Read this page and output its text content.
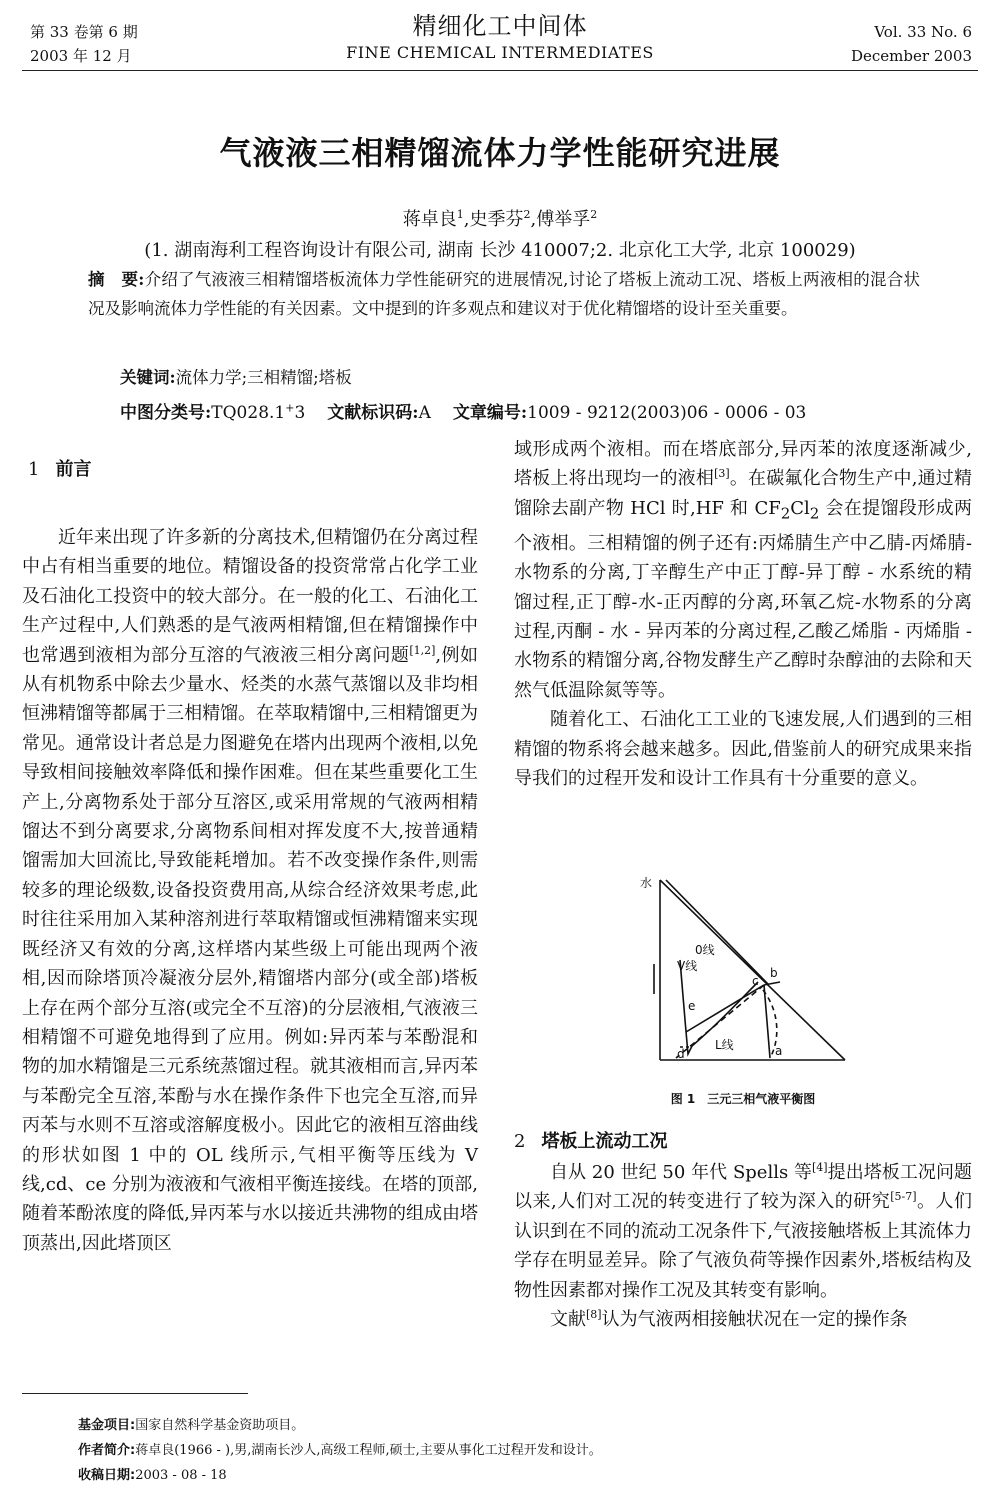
第 33 卷第 6 期
2003 年 12 月
精细化工中间体
FINE CHEMICAL INTERMEDIATES
Vol. 33 No. 6
December 2003
气液液三相精馏流体力学性能研究进展
蒋卓良$^1$,史季芬$^2$,傅举孚$^2$
(1. 湖南海利工程咨询设计有限公司, 湖南 长沙 410007;2. 北京化工大学, 北京 100029)
摘　要:介绍了气液液三相精馏塔板流体力学性能研究的进展情况,讨论了塔板上流动工况、塔板上两液相的混合状况及影响流体力学性能的有关因素。文中提到的许多观点和建议对于优化精馏塔的设计至关重要。
关键词:流体力学;三相精馏;塔板
中图分类号:TQ028.1+3 文献标识码:A 文章编号:1009 - 9212(2003)06 - 0006 - 03
1 前言

近年来出现了许多新的分离技术,但精馏仍在分离过程中占有相当重要的地位。精馏设备的投资常常占化学工业及石油化工投资中的较大部分。在一般的化工、石油化工生产过程中,人们熟悉的是气液两相精馏,但在精馏操作中也常遇到液相为部分互溶的气液液三相分离问题[1,2],例如从有机物系中除去少量水、烃类的水蒸气蒸馏以及非均相恒沸精馏等都属于三相精馏。在萃取精馏中,三相精馏更为常见。通常设计者总是力图避免在塔内出现两个液相,以免导致相间接触效率降低和操作困难。但在某些重要化工生产上,分离物系处于部分互溶区,或采用常规的气液两相精馏达不到分离要求,分离物系间相对挥发度不大,按普通精馏需加大回流比,导致能耗增加。若不改变操作条件,则需较多的理论级数,设备投资费用高,从综合经济效果考虑,此时往往采用加入某种溶剂进行萃取精馏或恒沸精馏来实现既经济又有效的分离,这样塔内某些级上可能出现两个液相,因而除塔顶冷凝液分层外,精馏塔内部分(或全部)塔板上存在两个部分互溶(或完全不互溶)的分层液相,气液液三相精馏不可避免地得到了应用。例如:异丙苯与苯酚混和物的加水精馏是三元系统蒸馏过程。就其液相而言,异丙苯与苯酚完全互溶,苯酚与水在操作条件下也完全互溶,而异丙苯与水则不互溶或溶解度极小。因此它的液相互溶曲线的形状如图 1 中的 OL 线所示,气相平衡等压线为 V 线,cd、ce 分别为液液和气液相平衡连接线。在塔的顶部,随着苯酚浓度的降低,异丙苯与水以接近共沸物的组成由塔顶蒸出,因此塔顶区

域形成两个液相。而在塔底部分,异丙苯的浓度逐渐减少,塔板上将出现均一的液相[3]。在碳氟化合物生产中,通过精馏除去副产物 HCl 时,HF 和 $CF_2Cl_2$ 会在提馏段形成两个液相。三相精馏的例子还有:丙烯腈生产中乙腈-丙烯腈-水物系的分离,丁辛醇生产中正丁醇-异丁醇 - 水系统的精馏过程,正丁醇-水-正丙醇的分离,环氧乙烷-水物系的分离过程,丙酮 - 水 - 异丙苯的分离过程,乙酸乙烯脂 - 丙烯脂 - 水物系的精馏分离,谷物发酵生产乙醇时杂醇油的去除和天然气低温除氮等等。

随着化工、石油化工工业的飞速发展,人们遇到的三相精馏的物系将会越来越多。因此,借鉴前人的研究成果来指导我们的过程开发和设计工作具有十分重要的意义。

水
0线
V线
L线	a
b
c
d
e
图 1　三元三相气液平衡图
2 塔板上流动工况

自从 20 世纪 50 年代 Spells 等[4]提出塔板工况问题以来,人们对工况的转变进行了较为深入的研究[5-7]。人们认识到在不同的流动工况条件下,气液接触塔板上其流体力学存在明显差异。除了气液负荷等操作因素外,塔板结构及物性因素都对操作工况及其转变有影响。

文献[8]认为气液两相接触状况在一定的操作条

基金项目:国家自然科学基金资助项目。
作者简介:蒋卓良(1966 - ),男,湖南长沙人,高级工程师,硕士,主要从事化工过程开发和设计。
收稿日期:2003 - 08 - 18
